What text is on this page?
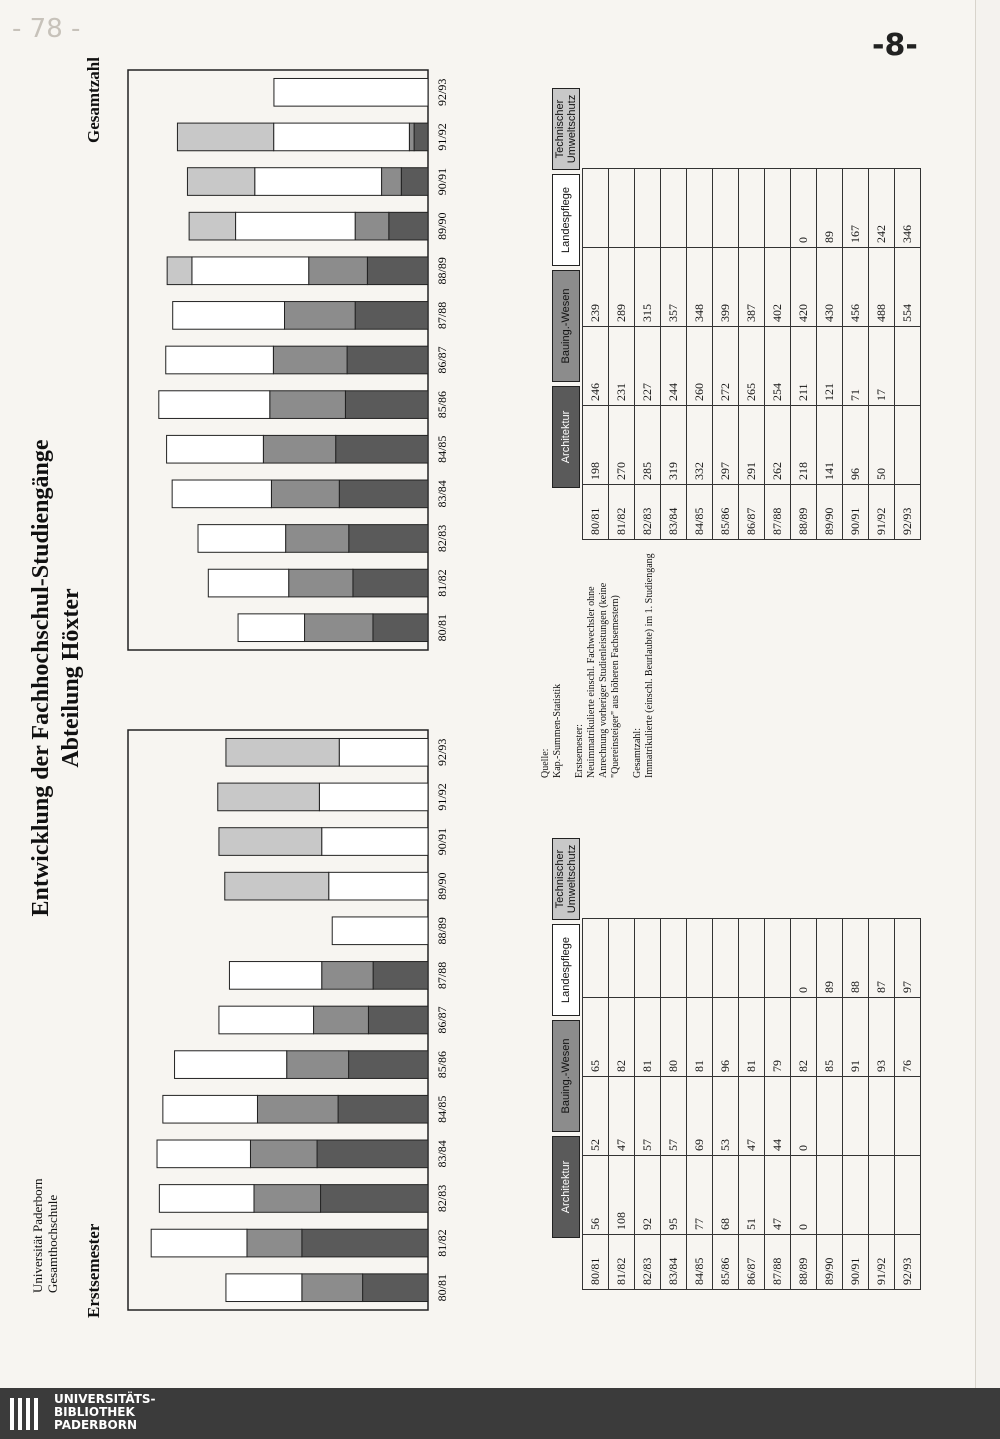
- 78 -	-8-
Universität Paderborn Gesamthochschule
Entwicklung der Fachhochschul-Studiengänge Abteilung Höxter
Erstsemester
Gesamtzahl
80/81
81/82
82/83
83/84
84/85
85/86
86/87
87/88
88/89
89/90
90/91
91/92
92/93
80/81
81/82
82/83
83/84
84/85
85/86
86/87
87/88
88/89
89/90
90/91
91/92
92/93
Architektur
Bauing.-Wesen
Landespflege
Technischer Umweltschutz
Architektur
Bauing.-Wesen
Landespflege
Technischer Umweltschutz
80/81	56	52	65	
81/82	108	47	82	
82/83	92	57	81	
83/84	95	57	80	
84/85	77	69	81	
85/86	68	53	96	
86/87	51	47	81	
87/88	47	44	79	
88/89	0	0	82	0
89/90			85	89
90/91			91	88
91/92			93	87
92/93			76	97
80/81	198	246	239	
81/82	270	231	289	
82/83	285	227	315	
83/84	319	244	357	
84/85	332	260	348	
85/86	297	272	399	
86/87	291	265	387	
87/88	262	254	402	
88/89	218	211	420	0
89/90	141	121	430	89
90/91	96	71	456	167
91/92	50	17	488	242
92/93			554	346

Quelle:
Kap.-Summen-Statistik Erstsemester:
Neuimmatrikulierte einschl. Fachwechsler ohne Anrechnung vorheriger Studienleistungen (keine "Quereinsteiger" aus höheren Fachsemestern) Gesamtzahl:
Immatrikulierte (einschl. Beurlaubte) im 1. Studiengang

UNIVERSITÄTS-
BIBLIOTHEK
PADERBORN
